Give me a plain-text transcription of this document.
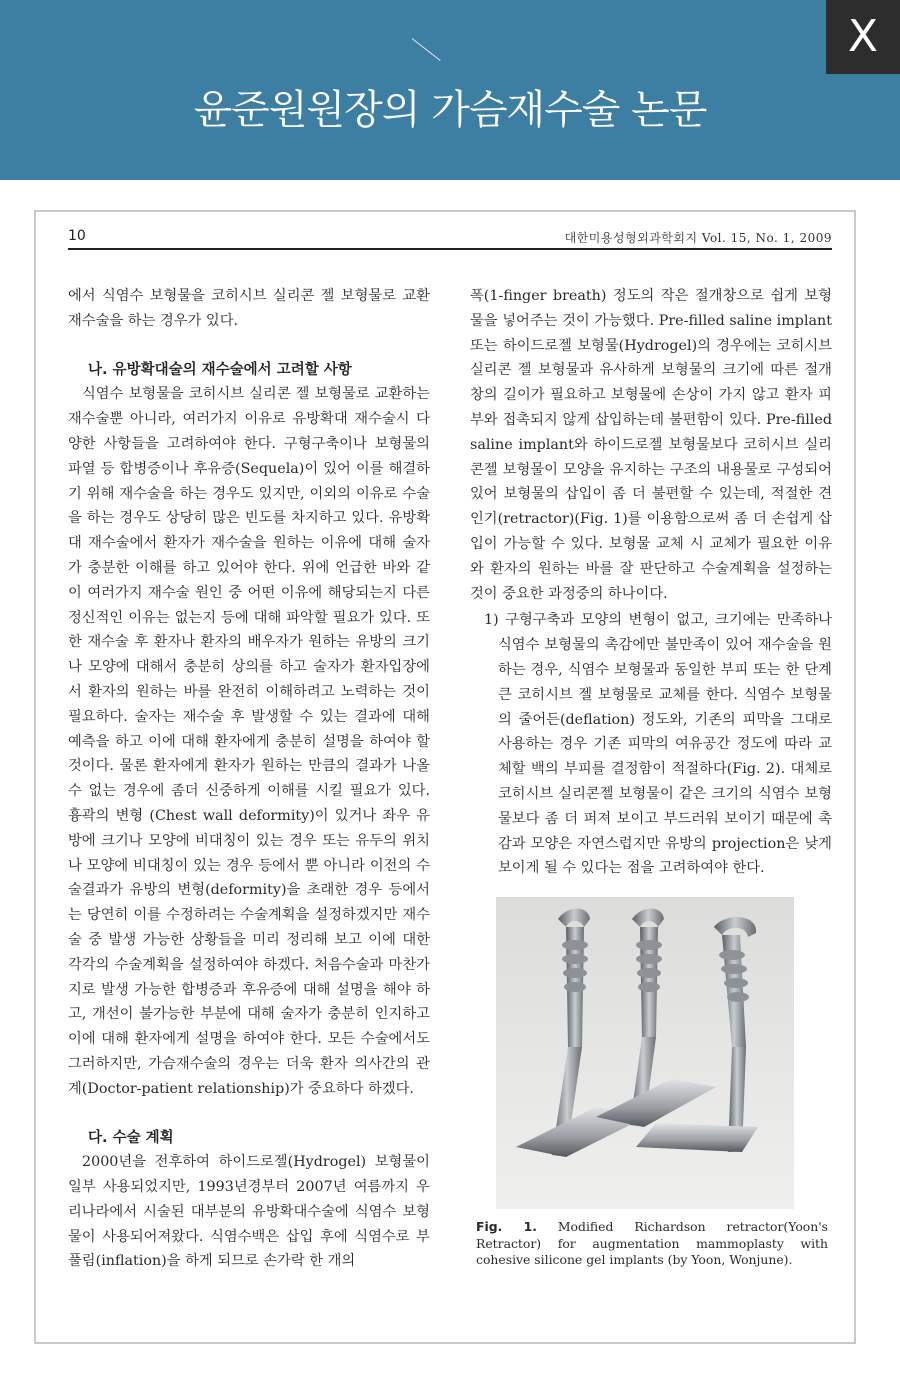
윤준원원장의 가슴재수술 논문
X
10	대한미용성형외과학회지 Vol. 15, No. 1, 2009

에서 식염수 보형물을 코히시브 실리콘 젤 보형물로 교환재수술을 하는 경우가 있다.

나. 유방확대술의 재수술에서 고려할 사항

식염수 보형물을 코히시브 실리콘 젤 보형물로 교환하는 재수술뿐 아니라, 여러가지 이유로 유방확대 재수술시 다양한 사항들을 고려하여야 한다. 구형구축이나 보형물의 파열 등 합병증이나 후유증(Sequela)이 있어 이를 해결하기 위해 재수술을 하는 경우도 있지만, 이외의 이유로 수술을 하는 경우도 상당히 많은 빈도를 차지하고 있다. 유방확대 재수술에서 환자가 재수술을 원하는 이유에 대해 술자가 충분한 이해를 하고 있어야 한다. 위에 언급한 바와 같이 여러가지 재수술 원인 중 어떤 이유에 해당되는지 다른 정신적인 이유는 없는지 등에 대해 파악할 필요가 있다. 또한 재수술 후 환자나 환자의 배우자가 원하는 유방의 크기나 모양에 대해서 충분히 상의를 하고 술자가 환자입장에서 환자의 원하는 바를 완전히 이해하려고 노력하는 것이 필요하다. 술자는 재수술 후 발생할 수 있는 결과에 대해 예측을 하고 이에 대해 환자에게 충분히 설명을 하여야 할 것이다. 물론 환자에게 환자가 원하는 만큼의 결과가 나올 수 없는 경우에 좀더 신중하게 이해를 시킬 필요가 있다. 흉곽의 변형 (Chest wall deformity)이 있거나 좌우 유방에 크기나 모양에 비대칭이 있는 경우 또는 유두의 위치나 모양에 비대칭이 있는 경우 등에서 뿐 아니라 이전의 수술결과가 유방의 변형(deformity)을 초래한 경우 등에서는 당연히 이를 수정하려는 수술계획을 설정하겠지만 재수술 중 발생 가능한 상황들을 미리 정리해 보고 이에 대한 각각의 수술계획을 설정하여야 하겠다. 처음수술과 마찬가지로 발생 가능한 합병증과 후유증에 대해 설명을 해야 하고, 개선이 불가능한 부분에 대해 술자가 충분히 인지하고 이에 대해 환자에게 설명을 하여야 한다. 모든 수술에서도 그러하지만, 가슴재수술의 경우는 더욱 환자 의사간의 관계(Doctor-patient relationship)가 중요하다 하겠다.

다. 수술 계획

2000년을 전후하여 하이드로젤(Hydrogel) 보형물이 일부 사용되었지만, 1993년경부터 2007년 여름까지 우리나라에서 시술된 대부분의 유방확대수술에 식염수 보형물이 사용되어져왔다. 식염수백은 삽입 후에 식염수로 부풀림(inflation)을 하게 되므로 손가락 한 개의

폭(1-finger breath) 정도의 작은 절개창으로 쉽게 보형물을 넣어주는 것이 가능했다. Pre-filled saline implant 또는 하이드로젤 보형물(Hydrogel)의 경우에는 코히시브 실리콘 젤 보형물과 유사하게 보형물의 크기에 따른 절개창의 길이가 필요하고 보형물에 손상이 가지 않고 환자 피부와 접촉되지 않게 삽입하는데 불편함이 있다. Pre-filled saline implant와 하이드로젤 보형물보다 코히시브 실리콘젤 보형물이 모양을 유지하는 구조의 내용물로 구성되어 있어 보형물의 삽입이 좀 더 불편할 수 있는데, 적절한 견인기(retractor)(Fig. 1)를 이용함으로써 좀 더 손쉽게 삽입이 가능할 수 있다. 보형물 교체 시 교체가 필요한 이유와 환자의 원하는 바를 잘 판단하고 수술계획을 설정하는 것이 중요한 과정중의 하나이다.

1) 구형구축과 모양의 변형이 없고, 크기에는 만족하나 식염수 보형물의 촉감에만 불만족이 있어 재수술을 원하는 경우, 식염수 보형물과 동일한 부피 또는 한 단계 큰 코히시브 젤 보형물로 교체를 한다. 식염수 보형물의 줄어든(deflation) 정도와, 기존의 피막을 그대로 사용하는 경우 기존 피막의 여유공간 정도에 따라 교체할 백의 부피를 결정함이 적절하다(Fig. 2). 대체로 코히시브 실리콘젤 보형물이 같은 크기의 식염수 보형물보다 좀 더 퍼져 보이고 부드러워 보이기 때문에 촉감과 모양은 자연스럽지만 유방의 projection은 낮게 보이게 될 수 있다는 점을 고려하여야 한다.

Fig. 1. Modified Richardson retractor(Yoon's Retractor) for augmentation mammoplasty with cohesive silicone gel implants (by Yoon, Wonjune).
